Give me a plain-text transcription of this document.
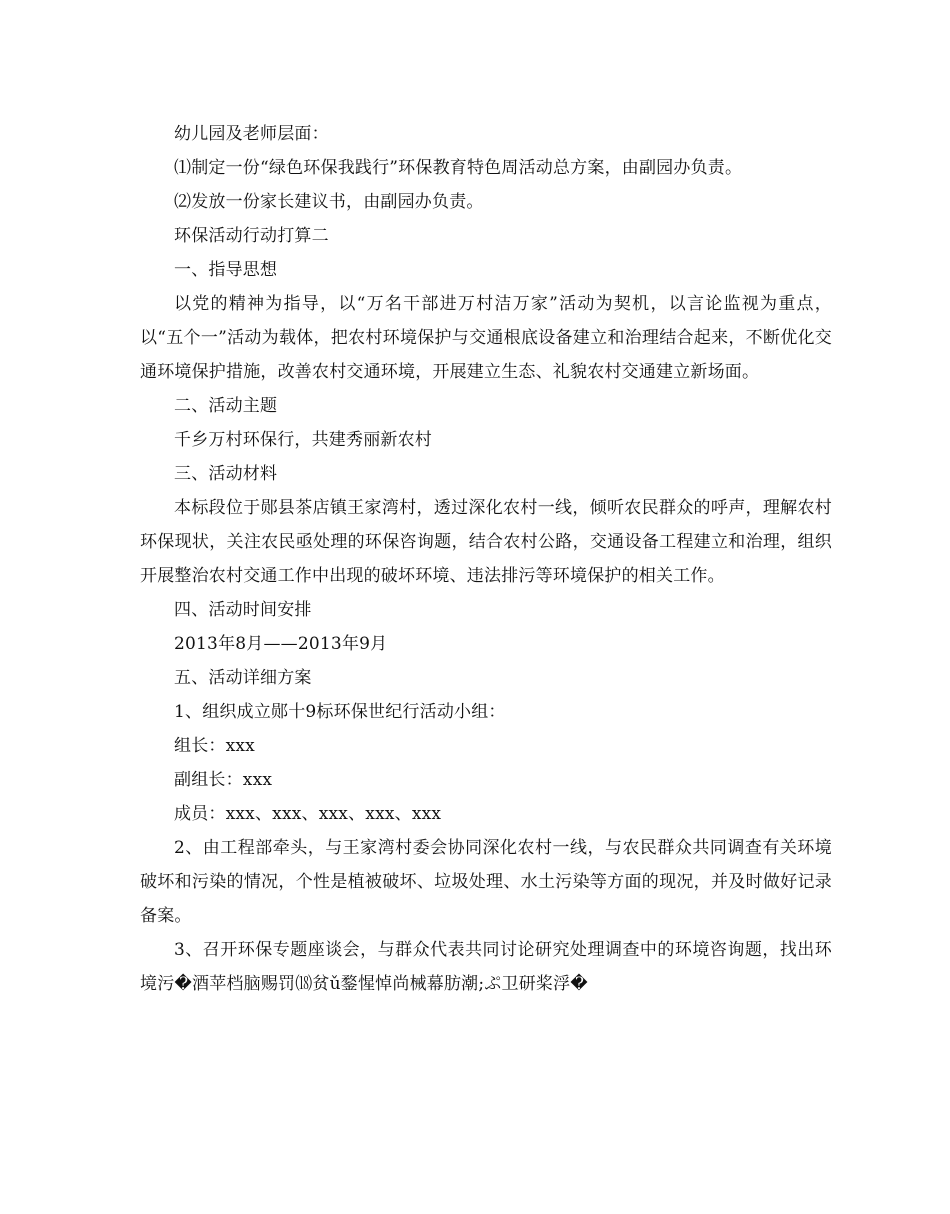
幼儿园及老师层面：

⑴制定一份“绿色环保我践行”环保教育特色周活动总方案，由副园办负责。

⑵发放一份家长建议书，由副园办负责。

环保活动行动打算二

一、指导思想

以党的精神为指导，以“万名干部进万村洁万家”活动为契机，以言论监视为重点，以“五个一”活动为载体，把农村环境保护与交通根底设备建立和治理结合起来，不断优化交通环境保护措施，改善农村交通环境，开展建立生态、礼貌农村交通建立新场面。

二、活动主题

千乡万村环保行，共建秀丽新农村

三、活动材料

本标段位于郧县茶店镇王家湾村，透过深化农村一线，倾听农民群众的呼声，理解农村环保现状，关注农民亟处理的环保咨询题，结合农村公路，交通设备工程建立和治理，组织开展整治农村交通工作中出现的破坏环境、违法排污等环境保护的相关工作。

四、活动时间安排

2013年8月——2013年9月

五、活动详细方案

1、组织成立郧十9标环保世纪行活动小组：

组长：xxx

副组长：xxx

成员：xxx、xxx、xxx、xxx、xxx

2、由工程部牵头，与王家湾村委会协同深化农村一线，与农民群众共同调查有关环境破坏和污染的情况，个性是植被破坏、垃圾处理、水土污染等方面的现况，并及时做好记录备案。

3、召开环保专题座谈会，与群众代表共同讨论研究处理调查中的环境咨询题，找出环境污�酒苹档脑赐罚⒅贫ǔ鍪惺悼尚械幕肪潮;ぷ卫研桨浮�
